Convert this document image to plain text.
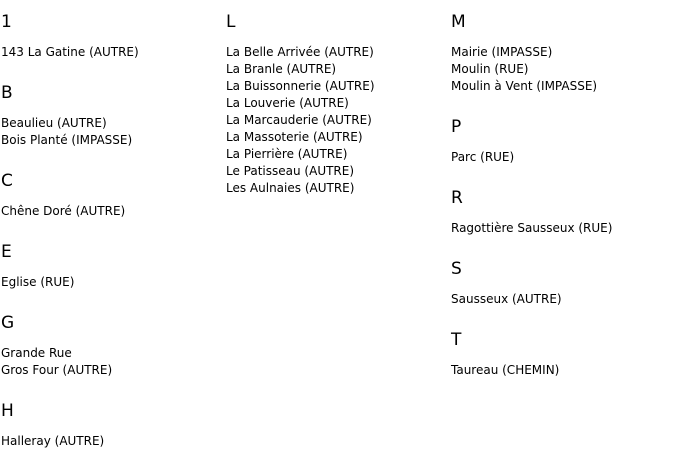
1
143 La Gatine (AUTRE)
B
Beaulieu (AUTRE)
Bois Planté (IMPASSE)
C
Chêne Doré (AUTRE)
E
Eglise (RUE)
G
Grande Rue
Gros Four (AUTRE)
H
Halleray (AUTRE)
L
La Belle Arrivée (AUTRE)
La Branle (AUTRE)
La Buissonnerie (AUTRE)
La Louverie (AUTRE)
La Marcauderie (AUTRE)
La Massoterie (AUTRE)
La Pierrière (AUTRE)
Le Patisseau (AUTRE)
Les Aulnaies (AUTRE)
M
Mairie (IMPASSE)
Moulin (RUE)
Moulin à Vent (IMPASSE)
P
Parc (RUE)
R
Ragottière Sausseux (RUE)
S
Sausseux (AUTRE)
T
Taureau (CHEMIN)
